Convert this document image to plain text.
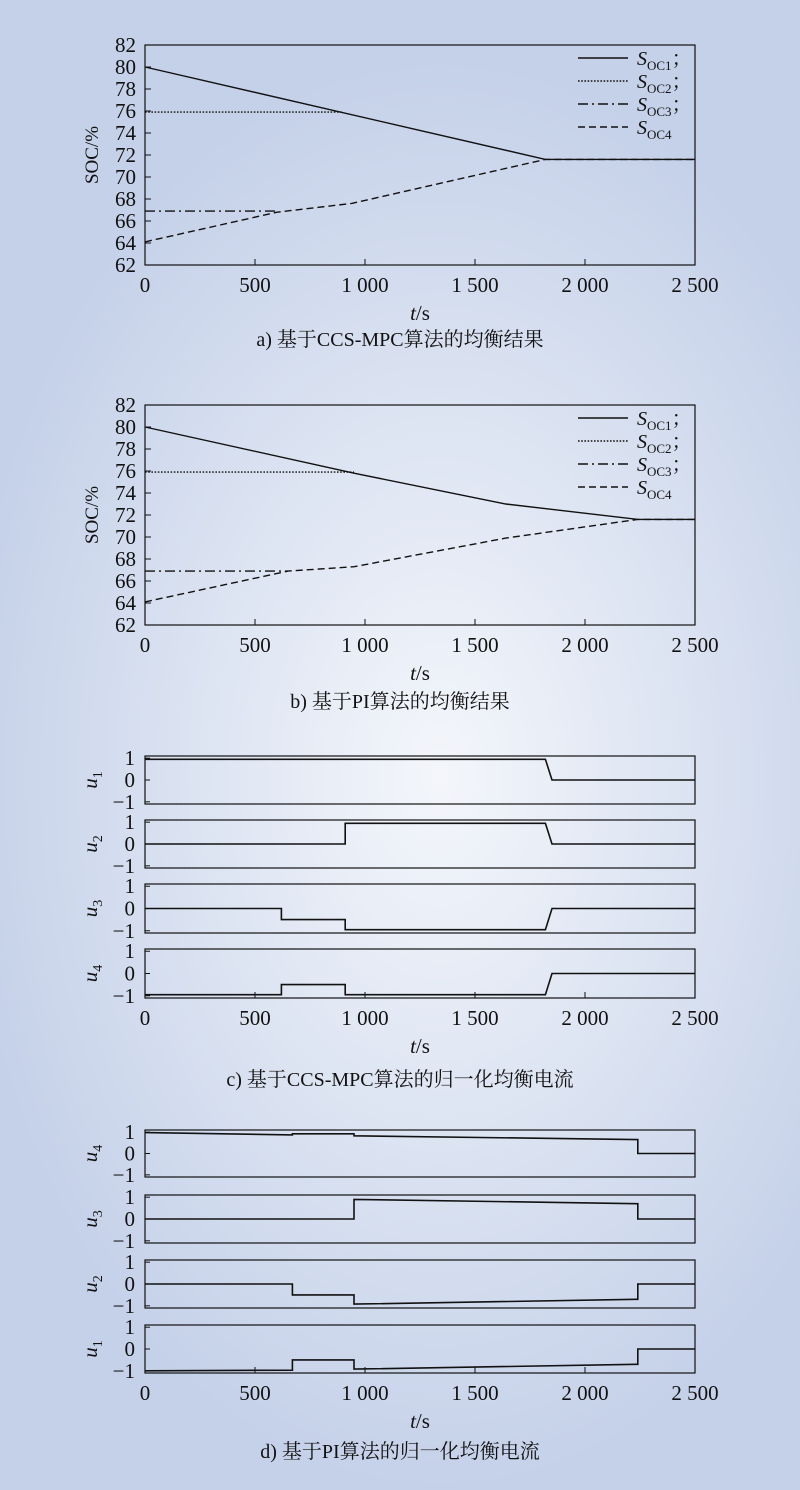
62
64
66
68
70
72
74
76
78
80
82
SOC/%
$S_{OC1}$；
$S_{OC2}$；
$S_{OC3}$；
$S_{OC4}$
a) 基于CCS-MPC算法的均衡结果
0	500	1 000	1 500	2 000	2 500
t/s
62
64
66
68
70
72
74
76
78
80
82
SOC/%
$S_{OC1}$；
$S_{OC2}$；
$S_{OC3}$；
$S_{OC4}$
b) 基于PI算法的均衡结果
0	500	1 000	1 500	2 000	2 500
t/s
1
0
−1
$u_1$
1
0
−1
$u_2$
1
0
−1
$u_3$
1
0
−1
$u_4$
c) 基于CCS-MPC算法的归一化均衡电流
0	500	1 000	1 500	2 000	2 500
t/s
1
0
−1
$u_4$
1
0
−1
$u_3$
1
0
−1
$u_2$
1
0
−1
$u_1$
d) 基于PI算法的归一化均衡电流
0	500	1 000	1 500	2 000	2 500
t/s
